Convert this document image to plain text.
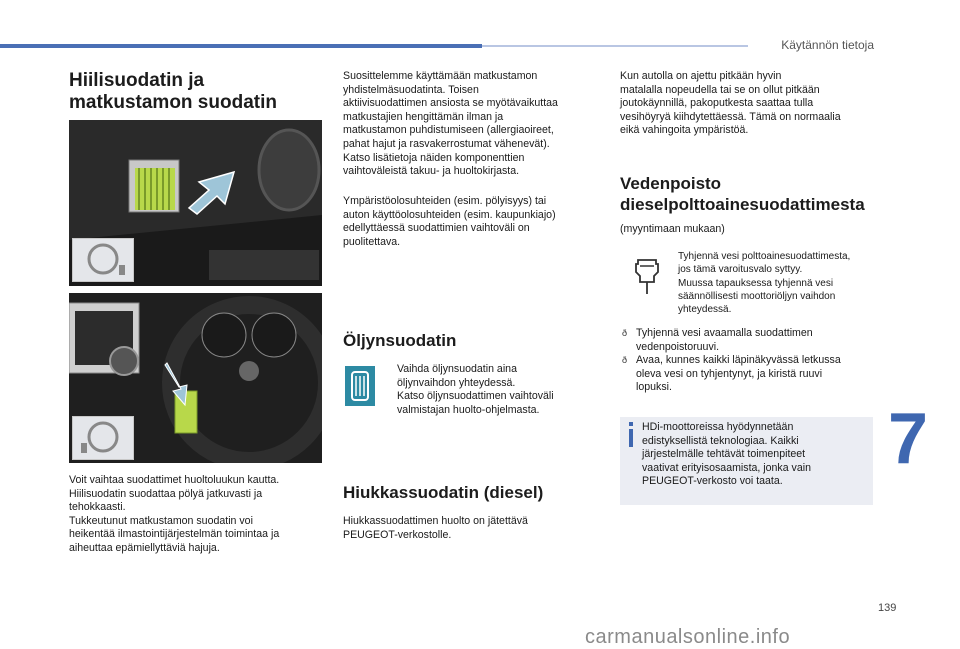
Käytännön tietoja
Hiilisuodatin ja
matkustamon suodatin
Voit vaihtaa suodattimet huoltoluukun kautta.
Hiilisuodatin suodattaa pölyä jatkuvasti ja
tehokkaasti.
Tukkeutunut matkustamon suodatin voi
heikentää ilmastointijärjestelmän toimintaa ja
aiheuttaa epämiellyttäviä hajuja.
Suosittelemme käyttämään matkustamon
yhdistelmäsuodatinta. Toisen
aktiivisuodattimen ansiosta se myötävaikuttaa
matkustajien hengittämän ilman ja
matkustamon puhdistumiseen (allergiaoireet,
pahat hajut ja rasvakerrostumat vähenevät).
Katso lisätietoja näiden komponenttien
vaihtoväleistä takuu- ja huoltokirjasta.
Ympäristöolosuhteiden (esim. pölyisyys) tai
auton käyttöolosuhteiden (esim. kaupunkiajo)
edellyttäessä suodattimien vaihtoväli on
puolitettava.
Öljynsuodatin
Vaihda öljynsuodatin aina
öljynvaihdon yhteydessä.
Katso öljynsuodattimen vaihtoväli
valmistajan huolto-ohjelmasta.
Hiukkassuodatin (diesel)
Hiukkassuodattimen huolto on jätettävä
PEUGEOT-verkostolle.
Kun autolla on ajettu pitkään hyvin
matalalla nopeudella tai se on ollut pitkään
joutokäynnillä, pakoputkesta saattaa tulla
vesihöyryä kiihdytettäessä. Tämä on normaalia
eikä vahingoita ympäristöä.
Vedenpoisto
dieselpolttoainesuodattimesta
(myyntimaan mukaan)
Tyhjennä vesi polttoainesuodattimesta,
jos tämä varoitusvalo syttyy.
Muussa tapauksessa tyhjennä vesi
säännöllisesti moottoriöljyn vaihdon
yhteydessä.
ð Tyhjennä vesi avaamalla suodattimen
vedenpoistoruuvi.
ð Avaa, kunnes kaikki läpinäkyvässä letkussa
oleva vesi on tyhjentynyt, ja kiristä ruuvi
lopuksi.
HDi-moottoreissa hyödynnetään
edistyksellistä teknologiaa. Kaikki
järjestelmälle tehtävät toimenpiteet
vaativat erityisosaamista, jonka vain
PEUGEOT-verkosto voi taata.
7
139
carmanualsonline.info
